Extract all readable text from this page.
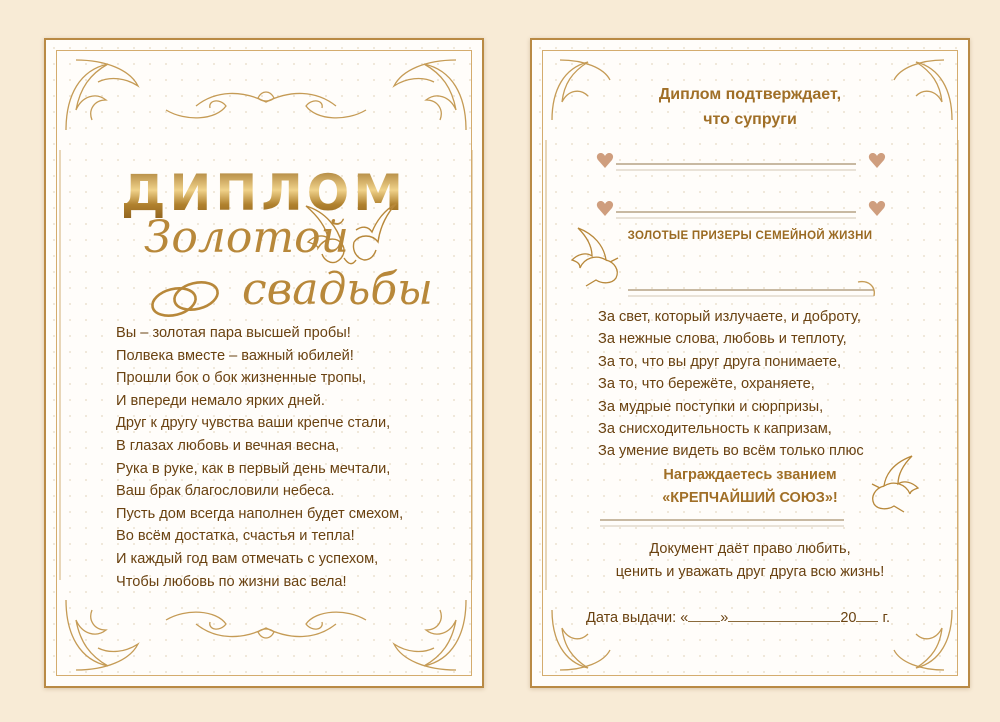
ДИПЛОМ
Золотой
свадьбы
Вы – золотая пара высшей пробы!
Полвека вместе – важный юбилей!
Прошли бок о бок жизненные тропы,
И впереди немало ярких дней.
Друг к другу чувства ваши крепче стали,
В глазах любовь и вечная весна,
Рука в руке, как в первый день мечтали,
Ваш брак благословили небеса.
Пусть дом всегда наполнен будет смехом,
Во всём достатка, счастья и тепла!
И каждый год вам отмечать с успехом,
Чтобы любовь по жизни вас вела!
Диплом подтверждает,
что супруги
ЗОЛОТЫЕ ПРИЗЕРЫ СЕМЕЙНОЙ ЖИЗНИ
За свет, который излучаете, и доброту,
За нежные слова, любовь и теплоту,
За то, что вы друг друга понимаете,
За то, что бережёте, охраняете,
За мудрые поступки и сюрпризы,
За снисходительность к капризам,
За умение видеть во всём только плюс
Награждаетесь званием
«КРЕПЧАЙШИЙ СОЮЗ»!
Документ даёт право любить,
ценить и уважать друг друга всю жизнь!
Дата выдачи: « »	20 г.
